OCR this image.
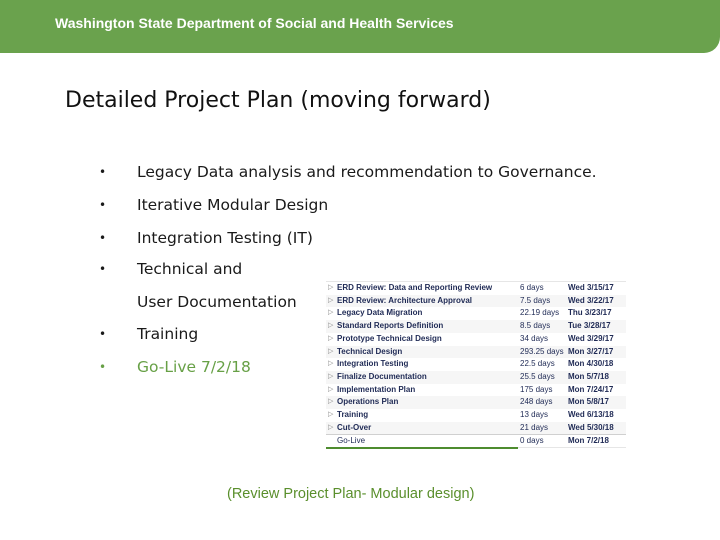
Washington State Department of Social and Health Services
Detailed Project Plan (moving forward)
• Legacy Data analysis and recommendation to Governance.
• Iterative Modular Design
• Integration Testing (IT)
• Technical and
User Documentation
• Training
• Go-Live 7/2/18
▷ ERD Review: Data and Reporting Review	6 days	Wed 3/15/17
▷ ERD Review: Architecture Approval	7.5 days Wed 3/22/17
▷ Legacy Data Migration	22.19 days Thu 3/23/17
▷ Standard Reports Definition	8.5 days Tue 3/28/17
▷ Prototype Technical Design	34 days Wed 3/29/17
▷ Technical Design	293.25 days Mon 3/27/17
▷ Integration Testing	22.5 days Mon 4/30/18
▷ Finalize Documentation	25.5 days Mon 5/7/18
▷ Implementation Plan	175 days Mon 7/24/17
▷ Operations Plan	248 days Mon 5/8/17
▷ Training	13 days Wed 6/13/18
▷ Cut-Over	21 days Wed 5/30/18
Go-Live	0 days	Mon 7/2/18
(Review Project Plan- Modular design)
